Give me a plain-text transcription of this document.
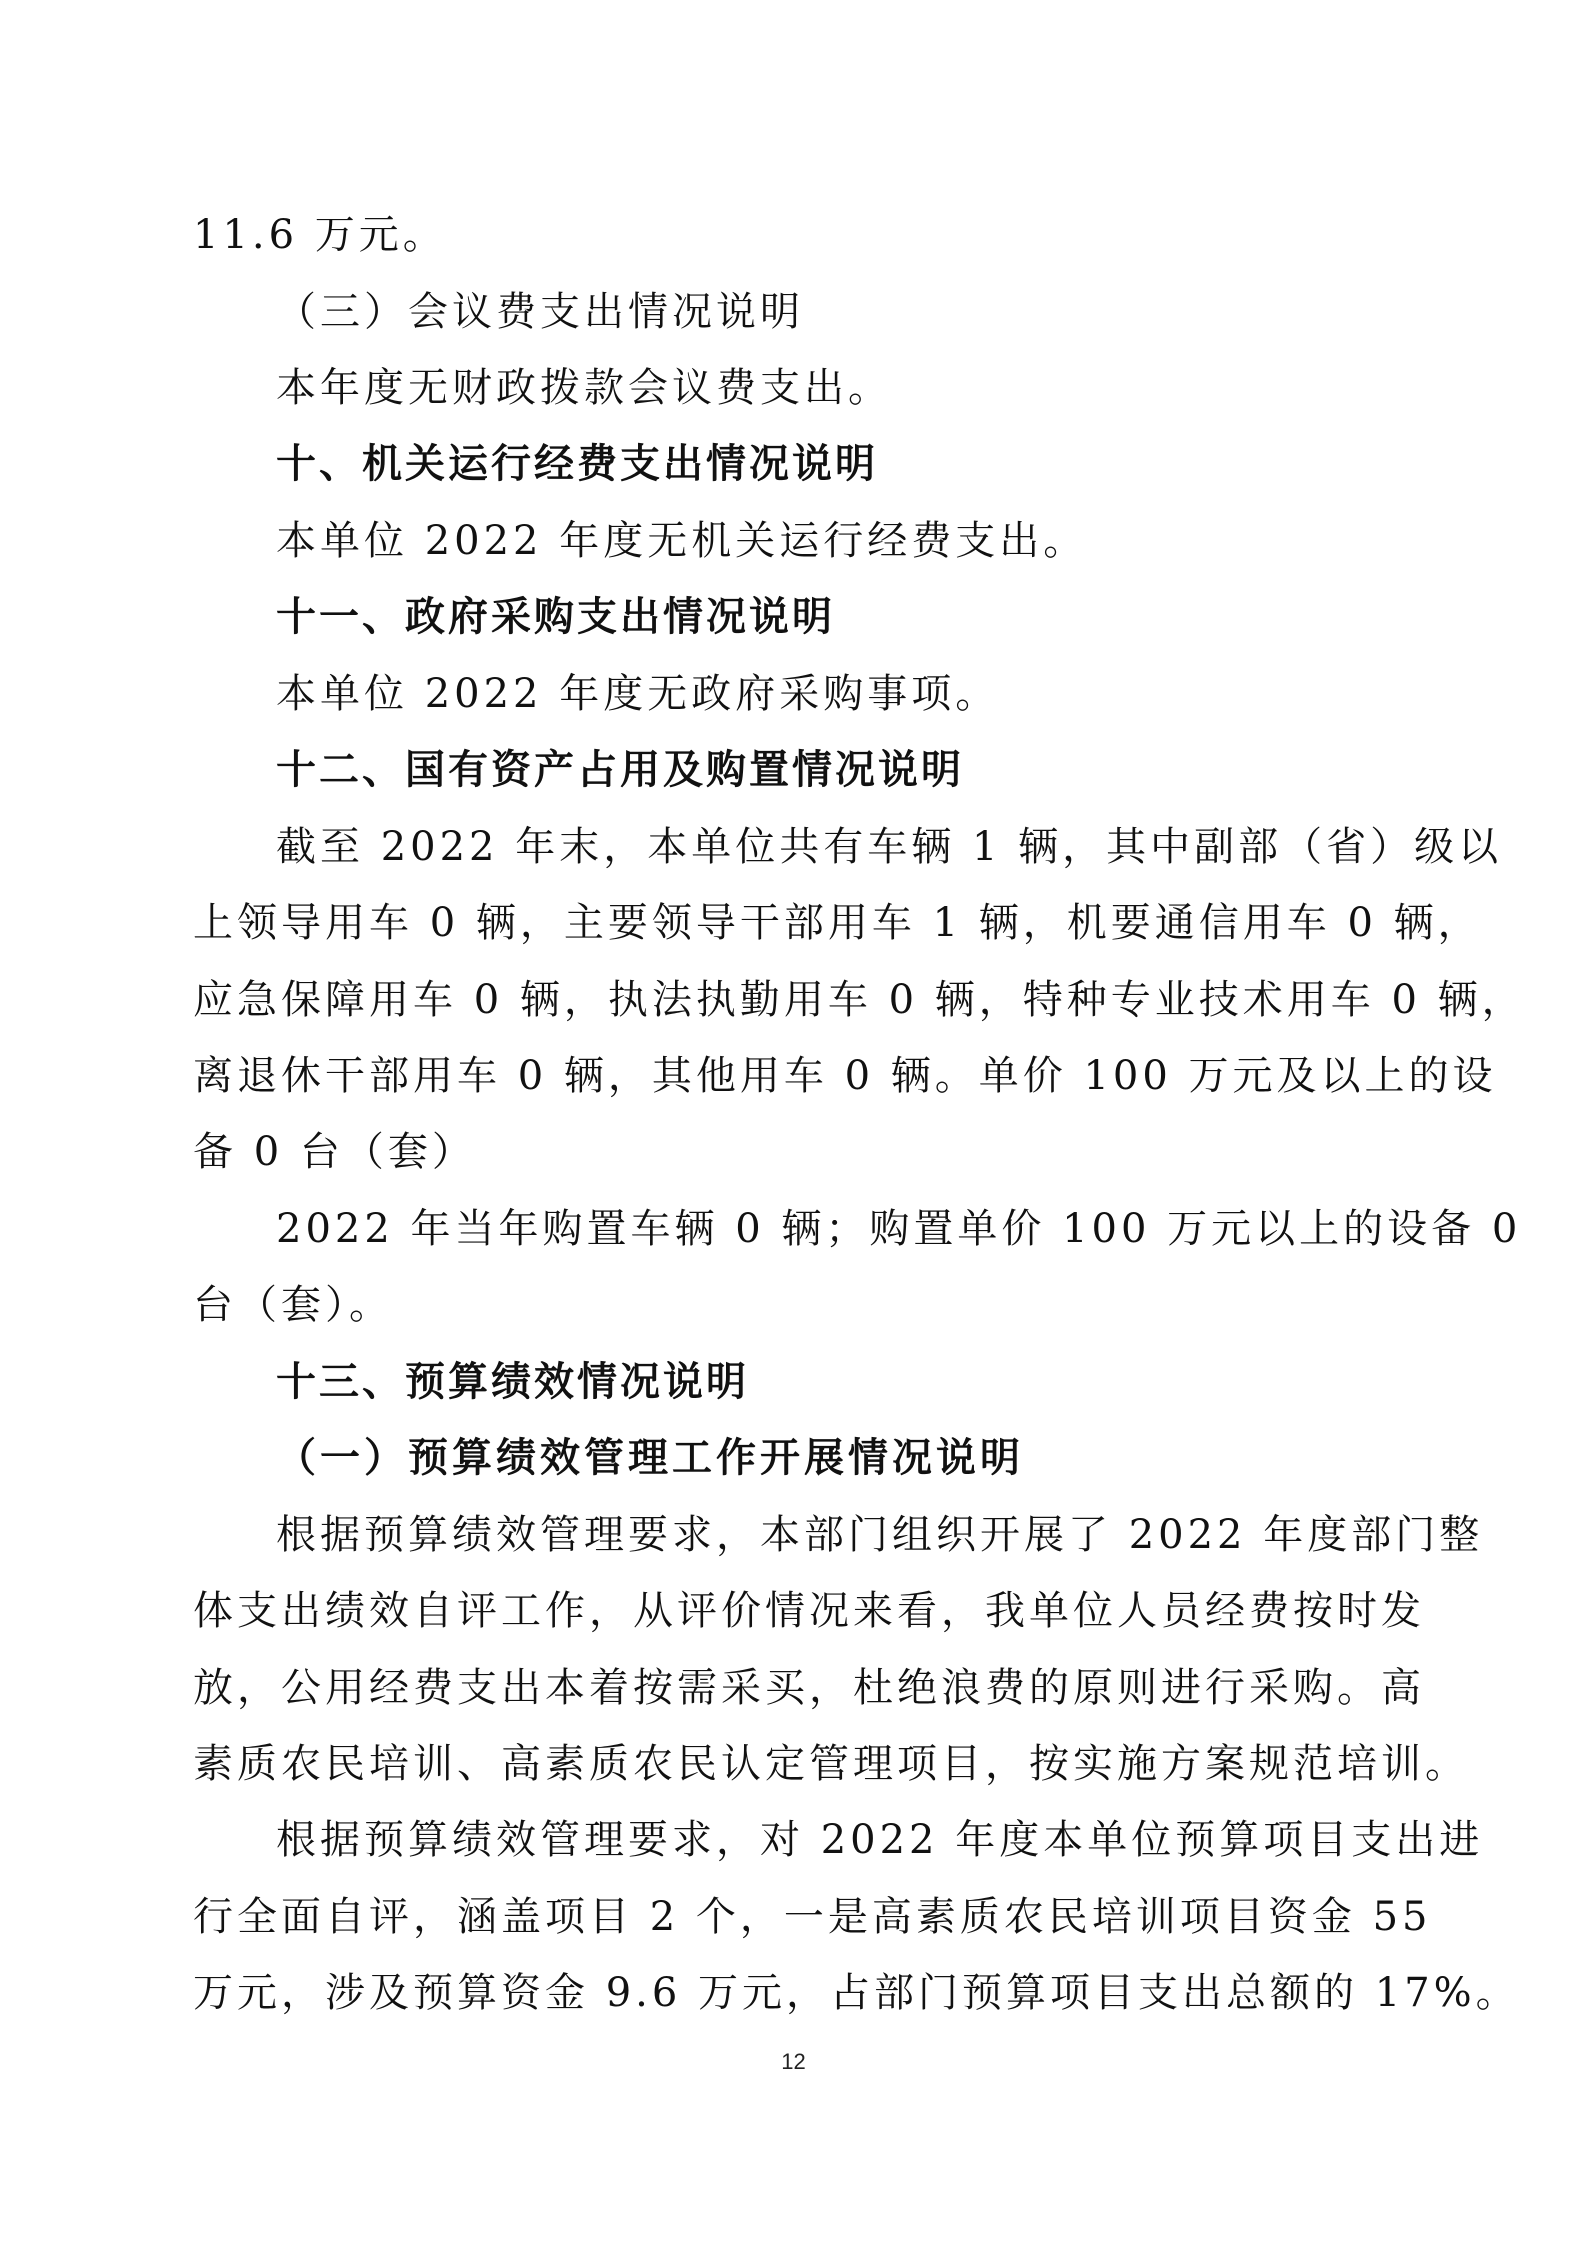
11.6 万元。
（三）会议费支出情况说明
本年度无财政拨款会议费支出。
十、机关运行经费支出情况说明
本单位 2022 年度无机关运行经费支出。
十一、政府采购支出情况说明
本单位 2022 年度无政府采购事项。
十二、国有资产占用及购置情况说明
截至 2022 年末，本单位共有车辆 1 辆，其中副部（省）级以
上领导用车 0 辆，主要领导干部用车 1 辆，机要通信用车 0 辆，
应急保障用车 0 辆，执法执勤用车 0 辆，特种专业技术用车 0 辆，
离退休干部用车 0 辆，其他用车 0 辆。单价 100 万元及以上的设
备 0 台（套）
2022 年当年购置车辆 0 辆；购置单价 100 万元以上的设备 0
台（套）。
十三、预算绩效情况说明
（一）预算绩效管理工作开展情况说明
根据预算绩效管理要求，本部门组织开展了 2022 年度部门整
体支出绩效自评工作，从评价情况来看，我单位人员经费按时发
放，公用经费支出本着按需采买，杜绝浪费的原则进行采购。高
素质农民培训、高素质农民认定管理项目，按实施方案规范培训。
根据预算绩效管理要求，对 2022 年度本单位预算项目支出进
行全面自评，涵盖项目 2 个，一是高素质农民培训项目资金 55
万元，涉及预算资金 9.6 万元，占部门预算项目支出总额的 17%。
12
